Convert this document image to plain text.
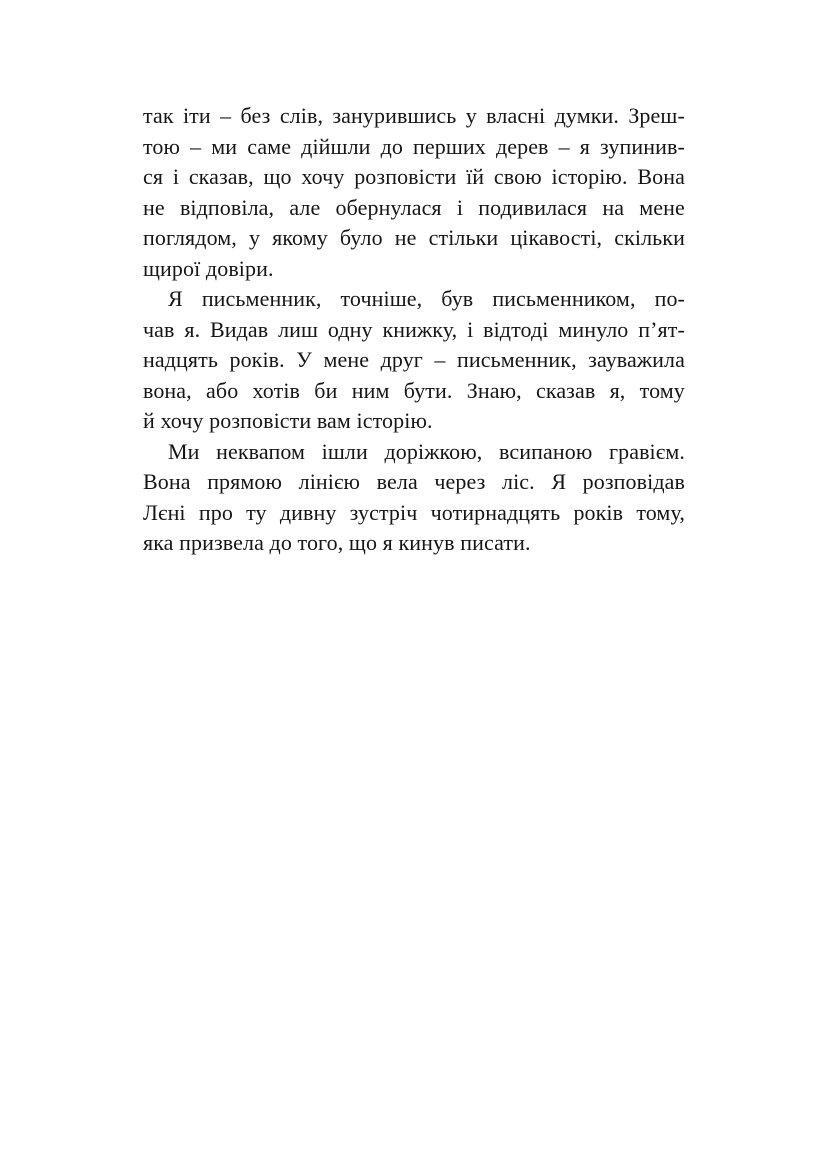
так іти – без слів, занурившись у власні думки. Зреш-
тою – ми саме дійшли до перших дерев – я зупинив-
ся і сказав, що хочу розповісти їй свою історію. Вона
не відповіла, але обернулася і подивилася на мене
поглядом, у якому було не стільки цікавості, скільки
щирої довіри.
Я письменник, точніше, був письменником, по-
чав я. Видав лиш одну книжку, і відтоді минуло п’ят-
надцять років. У мене друг – письменник, зауважила
вона, або хотів би ним бути. Знаю, сказав я, тому
й хочу розповісти вам історію.
Ми неквапом ішли доріжкою, всипаною гравієм.
Вона прямою лінією вела через ліс. Я розповідав
Лєні про ту дивну зустріч чотирнадцять років тому,
яка призвела до того, що я кинув писати.
